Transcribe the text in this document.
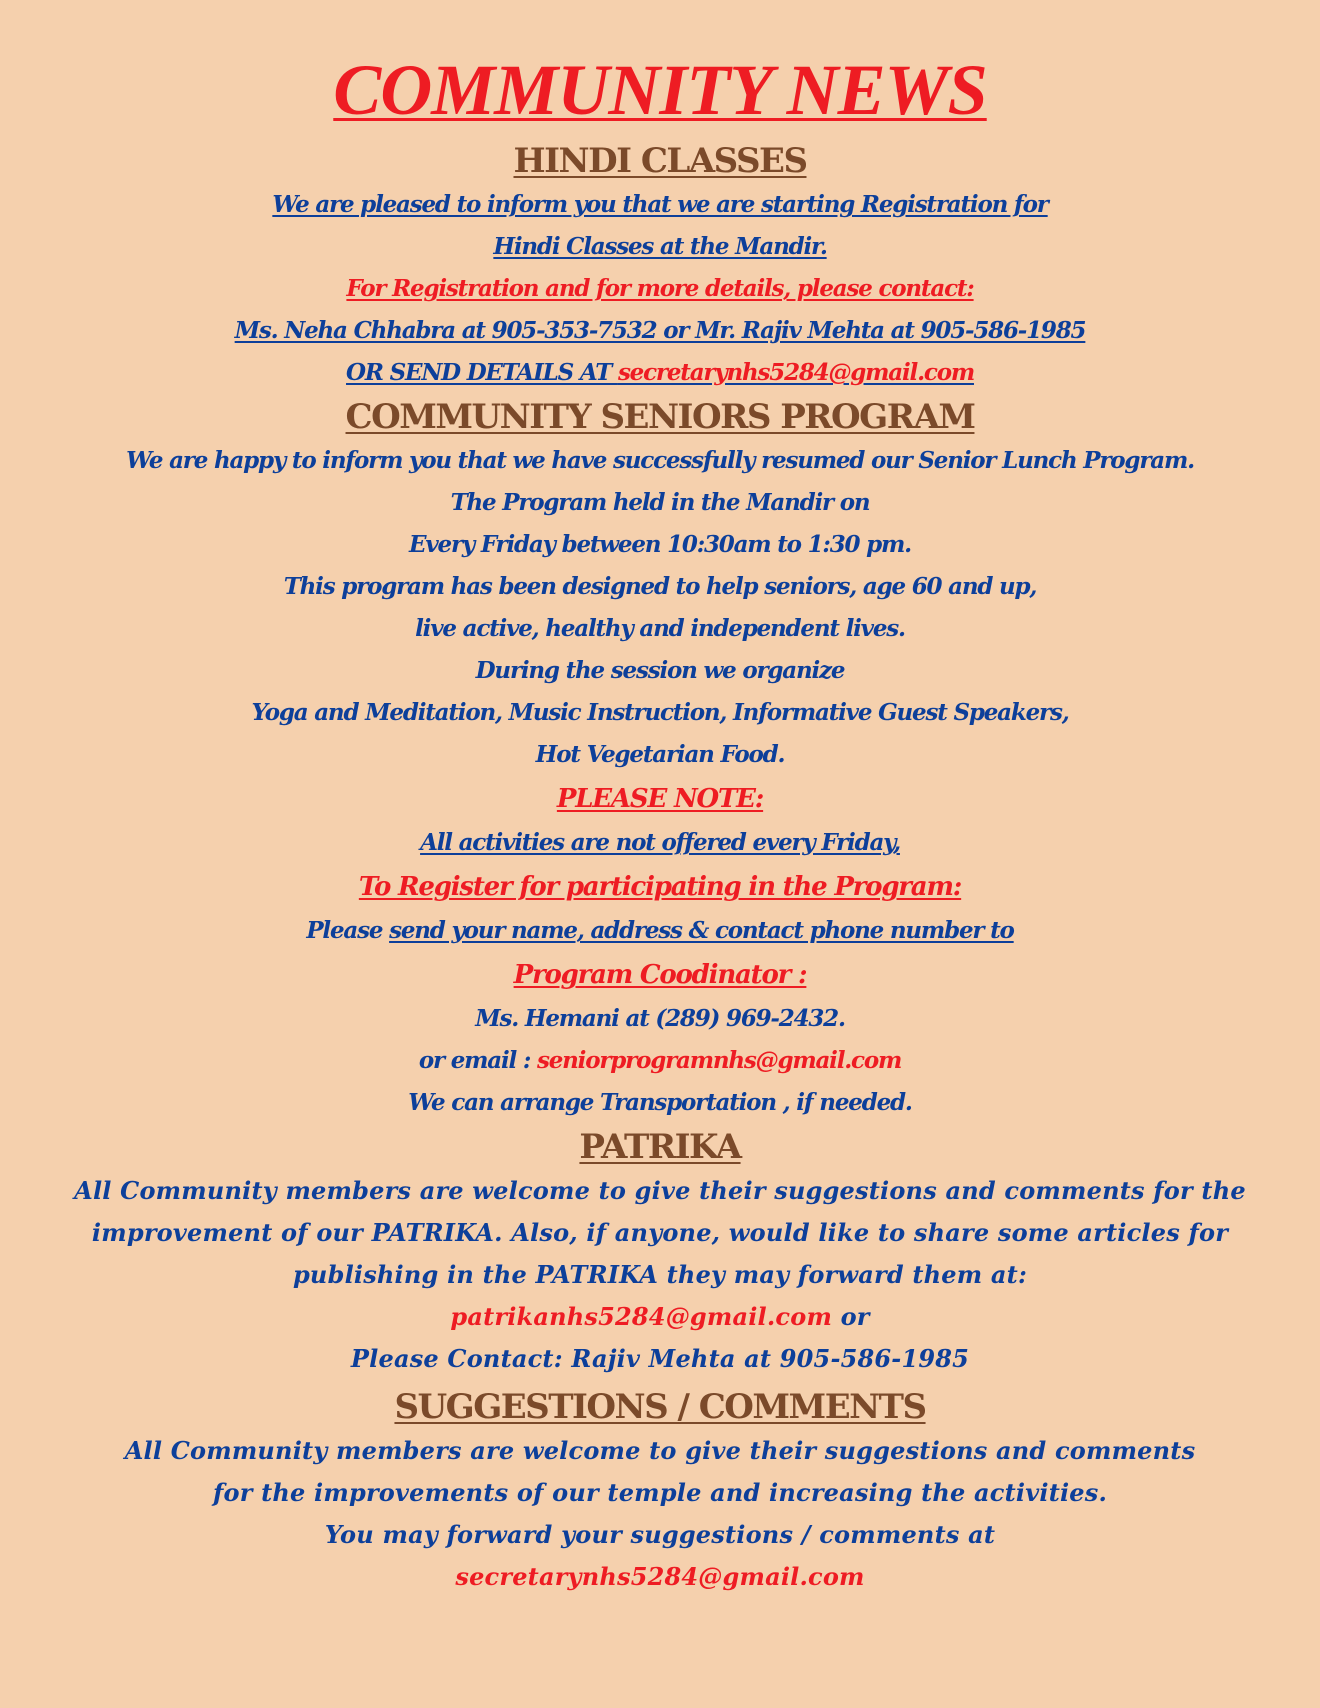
COMMUNITY NEWS
HINDI CLASSES
We are pleased to inform you that we are starting Registration for
Hindi Classes at the Mandir.
For Registration and for more details, please contact:
Ms. Neha Chhabra at 905-353-7532 or Mr. Rajiv Mehta at 905-586-1985
OR SEND DETAILS AT secretarynhs5284@gmail.com
COMMUNITY SENIORS PROGRAM
We are happy to inform you that we have successfully resumed our Senior Lunch Program.
The Program held in the Mandir on
Every Friday between 10:30am to 1:30 pm.
This program has been designed to help seniors, age 60 and up,
live active, healthy and independent lives.
During the session we organize
Yoga and Meditation, Music Instruction, Informative Guest Speakers,
Hot Vegetarian Food.
PLEASE NOTE:
All activities are not offered every Friday,
To Register for participating in the Program:
Please send your name, address & contact phone number to
Program Coodinator :
Ms. Hemani at (289) 969-2432.
or email : seniorprogramnhs@gmail.com
We can arrange Transportation , if needed.
PATRIKA
All Community members are welcome to give their suggestions and comments for the
improvement of our PATRIKA. Also, if anyone, would like to share some articles for
publishing in the PATRIKA they may forward them at:
patrikanhs5284@gmail.com or
Please Contact: Rajiv Mehta at 905-586-1985
SUGGESTIONS / COMMENTS
All Community members are welcome to give their suggestions and comments
for the improvements of our temple and increasing the activities.
You may forward your suggestions / comments at
secretarynhs5284@gmail.com
